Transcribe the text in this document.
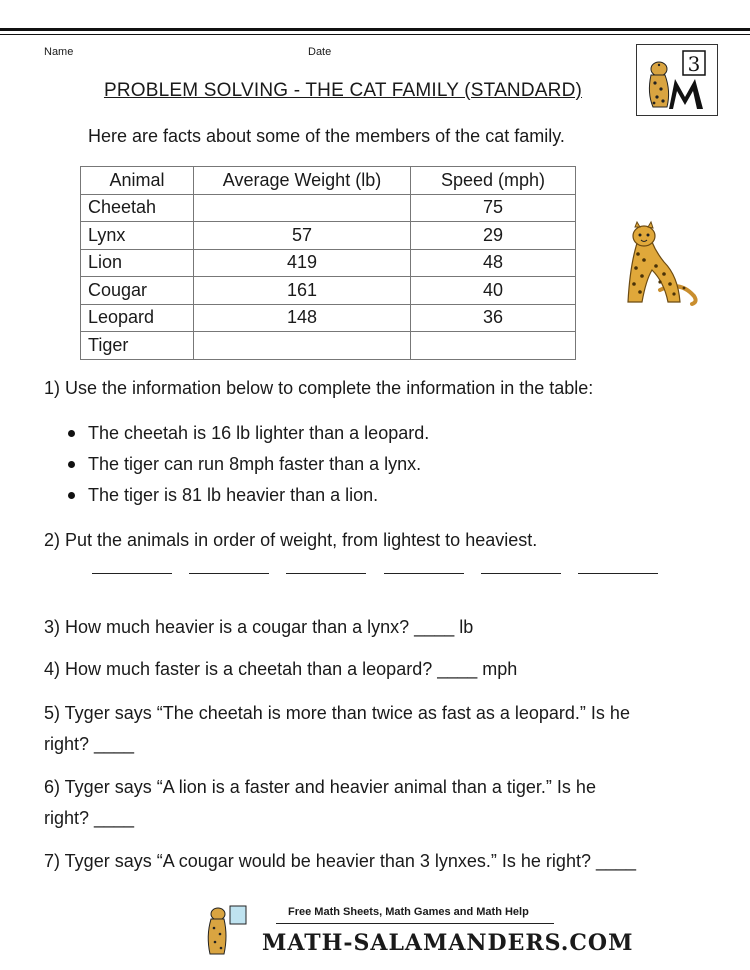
Name	Date	3
PROBLEM SOLVING - THE CAT FAMILY (STANDARD)
Here are facts about some of the members of the cat family.
Animal	Average Weight (lb)	Speed (mph)
Cheetah		75
Lynx	57	29
Lion	419	48
Cougar	161	40
Leopard	148	36
Tiger		
1) Use the information below to complete the information in the table:
The cheetah is 16 lb lighter than a leopard.
The tiger can run 8mph faster than a lynx.
The tiger is 81 lb heavier than a lion.
2) Put the animals in order of weight, from lightest to heaviest.
3) How much heavier is a cougar than a lynx? ____ lb
4) How much faster is a cheetah than a leopard? ____ mph
5) Tyger says “The cheetah is more than twice as fast as a leopard.” Is he
right? ____
6) Tyger says “A lion is a faster and heavier animal than a tiger.” Is he
right? ____
7) Tyger says “A cougar would be heavier than 3 lynxes.” Is he right? ____
Free Math Sheets, Math Games and Math Help
MATH-SALAMANDERS.COM
